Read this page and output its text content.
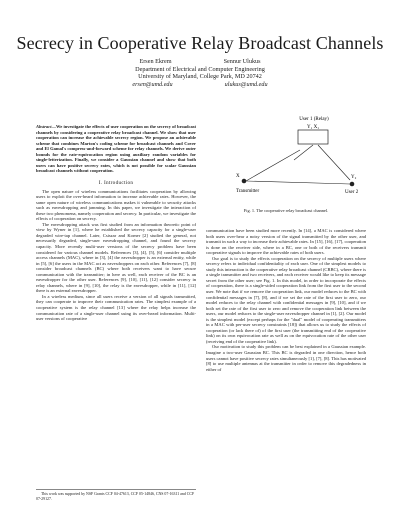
Secrecy in Cooperative Relay Broadcast Channels
Ersen Ekrem	Sennur Ulukus
Department of Electrical and Computer Engineering
University of Maryland, College Park, MD 20742
ersen@umd.edu	ulukus@umd.edu
Abstract—We investigate the effects of user cooperation on the secrecy of broadcast channels by considering a cooperative relay broadcast channel. We show that user cooperation can increase the achievable secrecy region. We propose an achievable scheme that combines Marton's coding scheme for broadcast channels and Cover and El Gamal's compress-and-forward scheme for relay channels. We derive outer bounds for the rate-equivocation region using auxiliary random variables for single-letterization. Finally, we consider a Gaussian channel and show that both users can have positive secrecy rates, which is not possible for scalar Gaussian broadcast channels without cooperation.
I. Introduction

The open nature of wireless communications facilitates cooperation by allowing users to exploit the over-heard information to increase achievable rates. However, the same open nature of wireless communications makes it vulnerable to security attacks such as eavesdropping and jamming. In this paper, we investigate the interaction of these two phenomena, namely cooperation and secrecy. In particular, we investigate the effects of cooperation on secrecy.

The eavesdropping attack was first studied from an information theoretic point of view by Wyner in [1], where he established the secrecy capacity for a single-user degraded wire-tap channel. Later, Csiszar and Korner [2] studied the general, not necessarily degraded, single-user eavesdropping channel, and found the secrecy capacity. More recently multi-user versions of the secrecy problem have been considered for various channel models. References [3], [4], [5], [6] consider multiple access channels (MAC), where in [3], [4] the eavesdropper is an external entity, while in [5], [6] the users in the MAC act as eavesdroppers on each other. References [7], [8] consider broadcast channels (BC) where both receivers want to have secure communication with the transmitter; in here as well, each receiver of the BC is an eavesdropper for the other user. References [9], [10], [11], [12] consider secrecy in relay channels, where in [9], [10], the relay is the eavesdropper, while in [11], [12] there is an external eavesdropper.

In a wireless medium, since all users receive a version of all signals transmitted, they can cooperate to improve their communication rates. The simplest example of a cooperative system is the relay channel [13] where the relay helps increase the communication rate of a single-user channel using its over-heard information. Multi-user versions of cooperative

This work was supported by NSF Grants CCF 04-47613, CCF 05-14846, CNS 07-16311 and CCF 07-29127.
User 1 (Relay)
Y₁ X₁
X	Y₂
Transmitter	User 2
Fig. 1. The cooperative relay broadcast channel.

communication have been studied more recently. In [14], a MAC is considered where both users over-hear a noisy version of the signal transmitted by the other user, and transmit in such a way to increase their achievable rates. In [15], [16], [17], cooperation is done on the receiver side, where in a BC, one or both of the receivers transmit cooperative signals to improve the achievable rates of both users.

Our goal is to study the effects cooperation on the secrecy of multiple users where secrecy refers to individual confidentiality of each user. One of the simplest models to study this interaction is the cooperative relay broadcast channel (CRBC), where there is a single transmitter and two receivers, and each receiver would like to keep its message secret from the other user; see Fig. 1. In this model, in order to incorporate the effects of cooperation, there is a single-sided cooperation link from the first user to the second user. We note that if we remove the cooperation link, our model reduces to the BC with confidential messages in [7], [8], and if we set the rate of the first user to zero, our model reduces to the relay channel with confidential messages in [9], [10], and if we both set the rate of the first user to zero and remove the cooperation link between the users, our model reduces to the single-user eavesdropper channel in [1], [2]. Our model is the simplest model (except perhaps for the "dual" model of cooperating transmitters in a MAC with per-user secrecy constraints [18]) that allows us to study the effects of cooperation (or lack there of) of the first user (the transmitting end of the cooperative link) on its own equivocation rate as well as on the equivocation rate of the other user (receiving end of the cooperative link).

Our motivation to study this problem can be best explained in a Gaussian example. Imagine a two-user Gaussian BC. This BC is degraded in one direction, hence both users cannot have positive secrecy rates simultaneously [1], [7], [8]. This has motivated [8] to use multiple antennas at the transmitter in order to remove this degradedness in either of
